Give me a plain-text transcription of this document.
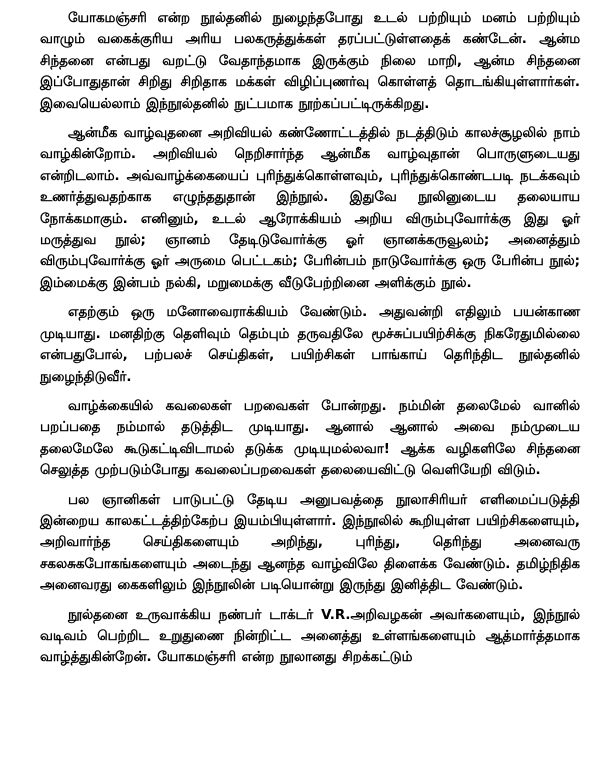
யோகமஞ்சரி என்ற நூல்தனில் நுழைந்தபோது உடல் பற்றியும் மனம் பற்றியும் வாழும் வகைக்குரிய அரிய பலகருத்துக்கள் தரப்பட்டுள்ளதைக் கண்டேன். ஆன்ம சிந்தனை என்பது வறட்டு வேதாந்தமாக இருக்கும் நிலை மாறி, ஆன்ம சிந்தனை இப்போதுதான் சிறிது சிறிதாக மக்கள் விழிப்புணர்வு கொள்ளத் தொடங்கியுள்ளார்கள். இவையெல்லாம் இந்நூல்தனில் நுட்பமாக நூற்கப்பட்டிருக்கிறது.

ஆன்மீக வாழ்வுதனை அறிவியல் கண்ணோட்டத்தில் நடத்திடும் காலச்சூழலில் நாம் வாழ்கின்றோம். அறிவியல் நெறிசார்ந்த ஆன்மீக வாழ்வுதான் பொருளுடையது என்றிடலாம். அவ்வாழ்க்கையைப் புரிந்துக்கொள்ளவும், புரிந்துக்கொண்டபடி நடக்கவும் உணர்த்துவதற்காக எழுந்ததுதான் இந்நூல். இதுவே நூலினுடைய தலையாய நோக்கமாகும். எனினும், உடல் ஆரோக்கியம் அறிய விரும்புவோர்க்கு இது ஓர் மருத்துவ நூல்; ஞானம் தேடிடுவோர்க்கு ஓர் ஞானக்கருவூலம்; அனைத்தும் விரும்புவோர்க்கு ஓர் அருமை பெட்டகம்; பேரின்பம் நாடுவோர்க்கு ஒரு பேரின்ப நூல்; இம்மைக்கு இன்பம் நல்கி, மறுமைக்கு வீடுபேற்றினை அளிக்கும் நூல்.

எதற்கும் ஒரு மனோவைராக்கியம் வேண்டும். அதுவன்றி எதிலும் பயன்காண முடியாது. மனதிற்கு தெளிவும் தெம்பும் தருவதிலே மூச்சுப்பயிற்சிக்கு நிகரேதுமில்லை என்பதுபோல், பற்பலச் செய்திகள், பயிற்சிகள் பாங்காய் தெரிந்திட நூல்தனில் நுழைந்திடுவீர்.

வாழ்க்கையில் கவலைகள் பறவைகள் போன்றது. நம்மின் தலைமேல் வானில் பறப்பதை நம்மால் தடுத்திட முடியாது. ஆனால் ஆனால் அவை நம்முடைய தலைமேலே கூடுகட்டிவிடாமல் தடுக்க முடியுமல்லவா! ஆக்க வழிகளிலே சிந்தனை செலுத்த முற்படும்போது கவலைப்பறவைகள் தலையைவிட்டு வெளியேறி விடும்.

பல ஞானிகள் பாடுபட்டு தேடிய அனுபவத்தை நூலாசிரியர் எளிமைப்படுத்தி இன்றைய காலகட்டத்திற்கேற்ப இயம்பியுள்ளார். இந்நூலில் கூறியுள்ள பயிற்சிகளையும், அறிவார்ந்த செய்திகளையும் அறிந்து, புரிந்து, தெரிந்து அனைவரு சகலசுகபோகங்களையும் அடைந்து ஆனந்த வாழ்விலே திளைக்க வேண்டும். தமிழ்நிதிக அனைவரது கைகளிலும் இந்நூலின் படியொன்று இருந்து இனித்திட வேண்டும்.

நூல்தனை உருவாக்கிய நண்பர் டாக்டர் V.R.அறிவழகன் அவர்களையும், இந்நூல் வடிவம் பெற்றிட உறுதுணை நின்றிட்ட அனைத்து உள்ளங்களையும் ஆத்மார்த்தமாக வாழ்த்துகின்றேன். யோகமஞ்சரி என்ற நூலானது சிறக்கட்டும்
